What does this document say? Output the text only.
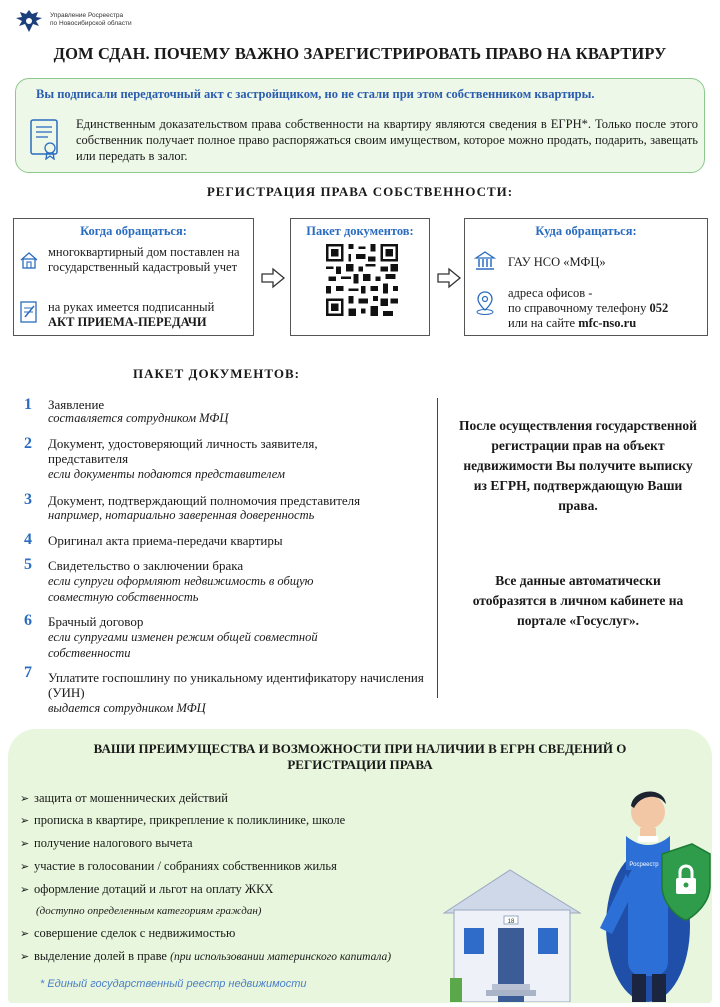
Управление Росреестра
по Новосибирской области
ДОМ СДАН. ПОЧЕМУ ВАЖНО ЗАРЕГИСТРИРОВАТЬ ПРАВО НА КВАРТИРУ
Вы подписали передаточный акт с застройщиком, но не стали при этом собственником квартиры.
Единственным доказательством права собственности на квартиру являются сведения в ЕГРН*. Только после этого собственник получает полное право распоряжаться своим имуществом, которое можно продать, подарить, завещать или передать в залог.
РЕГИСТРАЦИЯ ПРАВА СОБСТВЕННОСТИ:
Когда обращаться:
многоквартирный дом поставлен на государственный кадастровый учет
на руках имеется подписанный
АКТ ПРИЕМА-ПЕРЕДАЧИ
Пакет документов:	Куда обращаться:
ГАУ НСО «МФЦ»
адреса офисов -
по справочному телефону 052
или на сайте mfc-nso.ru
ПАКЕТ ДОКУМЕНТОВ:
1 Заявление
составляется сотрудником МФЦ
2 Документ, удостоверяющий личность заявителя, представителя
если документы подаются представителем
3 Документ, подтверждающий полномочия представителя
например, нотариально заверенная доверенность
4 Оригинал акта приема-передачи квартиры
5 Свидетельство о заключении брака
если супруги оформляют недвижимость в общую совместную собственность
6 Брачный договор
если супругами изменен режим общей совместной собственности
7 Уплатите госпошлину по уникальному идентификатору начисления (УИН)
выдается сотрудником МФЦ
После осуществления государственной регистрации прав на объект недвижимости Вы получите выписку из ЕГРН, подтверждающую Ваши права.
Все данные автоматически отобразятся в личном кабинете на портале «Госуслуг».
ВАШИ ПРЕИМУЩЕСТВА И ВОЗМОЖНОСТИ ПРИ НАЛИЧИИ В ЕГРН СВЕДЕНИЙ О РЕГИСТРАЦИИ ПРАВА
➢ защита от мошеннических действий
➢ прописка в квартире, прикрепление к поликлинике, школе
➢ получение налогового вычета
➢ участие в голосовании / собраниях собственников жилья
➢ оформление дотаций и льгот на оплату ЖКХ
(доступно определенным категориям граждан)
➢ совершение сделок с недвижимостью
➢ выделение долей в праве (при использовании материнского капитала)
* Единый государственный реестр недвижимости
18
Росреестр
